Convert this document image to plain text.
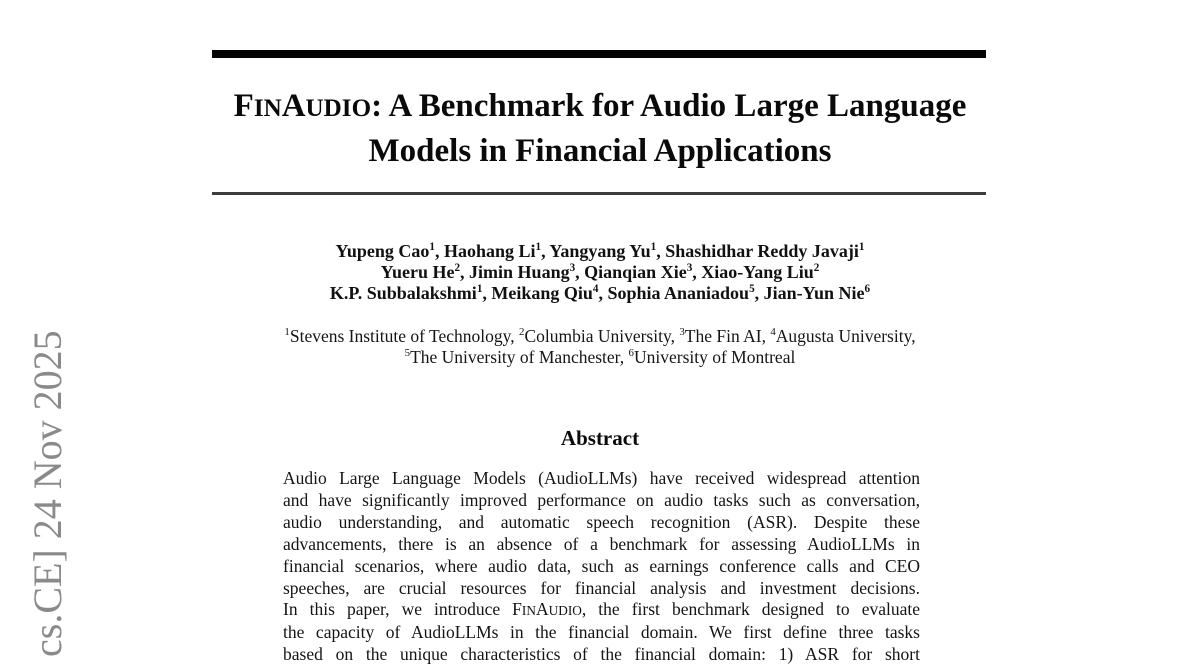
cs.CE] 24 Nov 2025
FINAUDIO: A Benchmark for Audio Large Language
Models in Financial Applications
Yupeng Cao$^1$, Haohang Li$^1$, Yangyang Yu$^1$, Shashidhar Reddy Javaji$^1$
Yueru He$^2$, Jimin Huang$^3$, Qianqian Xie$^3$, Xiao-Yang Liu$^2$
K.P. Subbalakshmi$^1$, Meikang Qiu$^4$, Sophia Ananiadou$^5$, Jian-Yun Nie$^6$
$^1$Stevens Institute of Technology, $^2$Columbia University, $^3$The Fin AI, $^4$Augusta University,
$^5$The University of Manchester, $^6$University of Montreal
Abstract
Audio Large Language Models (AudioLLMs) have received widespread attention
and have significantly improved performance on audio tasks such as conversation,
audio understanding, and automatic speech recognition (ASR). Despite these
advancements, there is an absence of a benchmark for assessing AudioLLMs in
financial scenarios, where audio data, such as earnings conference calls and CEO
speeches, are crucial resources for financial analysis and investment decisions.
In this paper, we introduce FINAUDIO, the first benchmark designed to evaluate
the capacity of AudioLLMs in the financial domain. We first define three tasks
based on the unique characteristics of the financial domain: 1) ASR for short
